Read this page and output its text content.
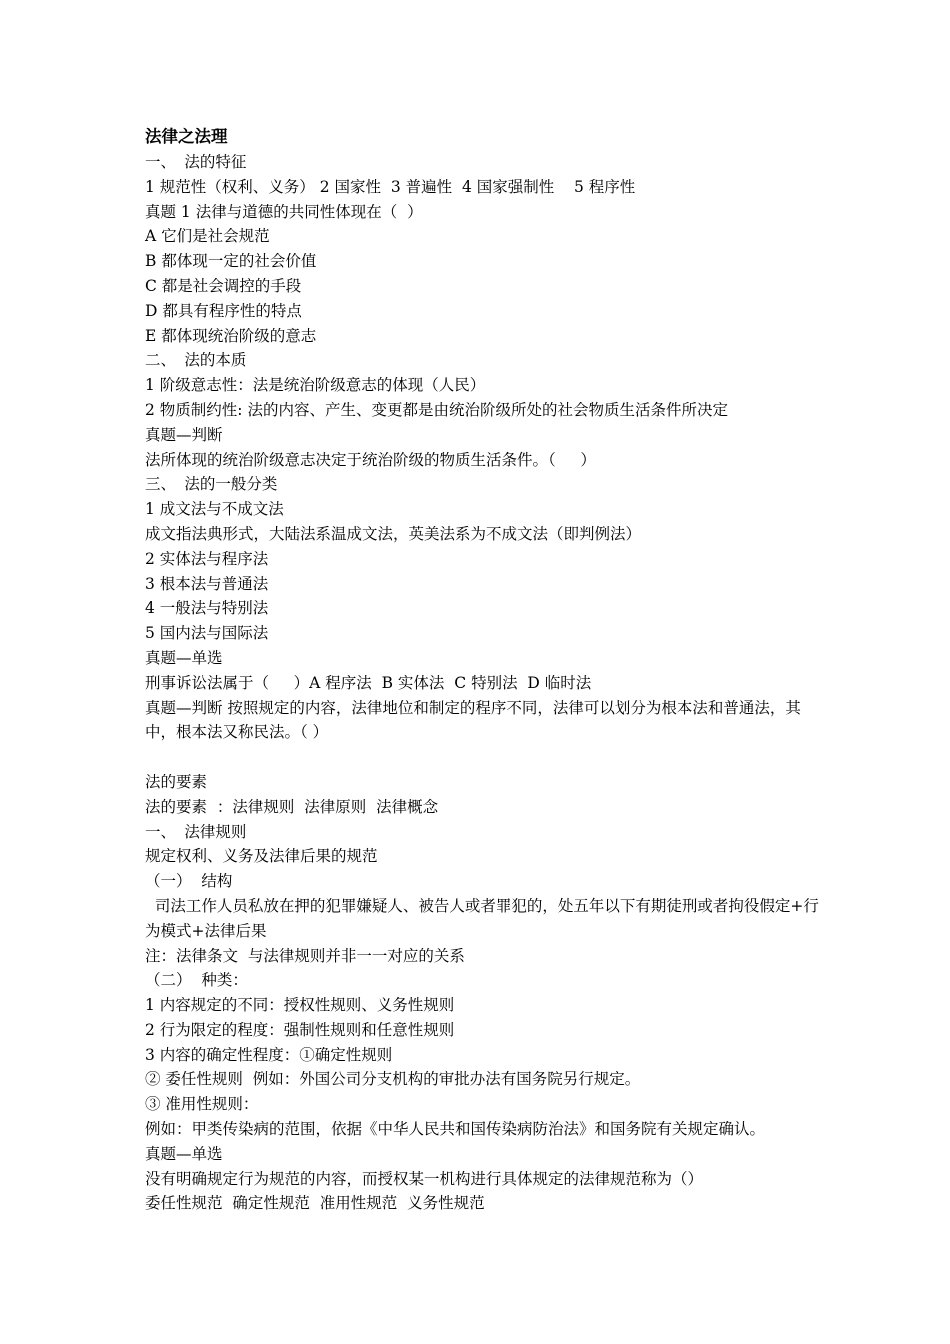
法律之法理
一、	法的特征
1 规范性（权利、义务） 2 国家性  3 普遍性  4 国家强制性    5 程序性
真题 1 法律与道德的共同性体现在（  ）
A 它们是社会规范
B 都体现一定的社会价值
C 都是社会调控的手段
D 都具有程序性的特点
E 都体现统治阶级的意志
二、	法的本质
1 阶级意志性：法是统治阶级意志的体现（人民）
2 物质制约性: 法的内容、产生、变更都是由统治阶级所处的社会物质生活条件所决定
真题—判断
法所体现的统治阶级意志决定于统治阶级的物质生活条件。（     ）
三、	法的一般分类
1 成文法与不成文法
成文指法典形式，大陆法系温成文法，英美法系为不成文法（即判例法）
2 实体法与程序法
3 根本法与普通法
4 一般法与特别法
5 国内法与国际法
真题—单选
刑事诉讼法属于（     ）A 程序法  B 实体法  C 特别法  D 临时法
真题—判断 按照规定的内容，法律地位和制定的程序不同，法律可以划分为根本法和普通法，其中，根本法又称民法。（ ）
法的要素
法的要素  ：法律规则  法律原则  法律概念
一、	法律规则
规定权利、义务及法律后果的规范
（一）  结构
司法工作人员私放在押的犯罪嫌疑人、被告人或者罪犯的，处五年以下有期徒刑或者拘役假定+行为模式+法律后果
注：法律条文  与法律规则并非一一对应的关系
（二）  种类：
1 内容规定的不同：授权性规则、义务性规则
2 行为限定的程度：强制性规则和任意性规则
3 内容的确定性程度：①确定性规则
② 委任性规则  例如：外国公司分支机构的审批办法有国务院另行规定。
③ 准用性规则：
例如：甲类传染病的范围，依据《中华人民共和国传染病防治法》和国务院有关规定确认。
真题—单选
没有明确规定行为规范的内容，而授权某一机构进行具体规定的法律规范称为（）
委任性规范  确定性规范  准用性规范  义务性规范
